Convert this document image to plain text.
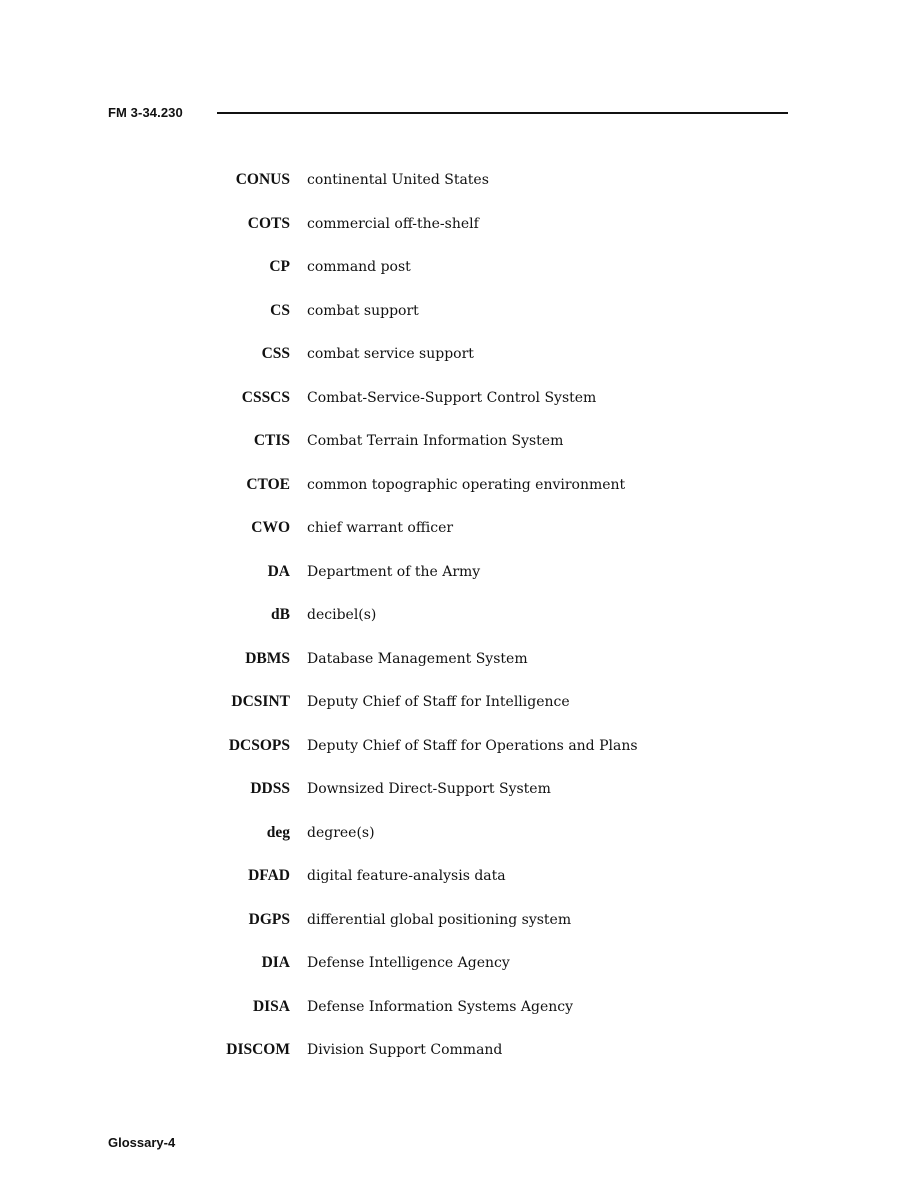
FM 3-34.230
CONUS continental United States
COTS commercial off-the-shelf
CP command post
CS combat support
CSS combat service support
CSSCS Combat-Service-Support Control System
CTIS Combat Terrain Information System
CTOE common topographic operating environment
CWO chief warrant officer
DA Department of the Army
dB decibel(s)
DBMS Database Management System
DCSINT Deputy Chief of Staff for Intelligence
DCSOPS Deputy Chief of Staff for Operations and Plans
DDSS Downsized Direct-Support System
deg degree(s)
DFAD digital feature-analysis data
DGPS differential global positioning system
DIA Defense Intelligence Agency
DISA Defense Information Systems Agency
DISCOM Division Support Command
Glossary-4
